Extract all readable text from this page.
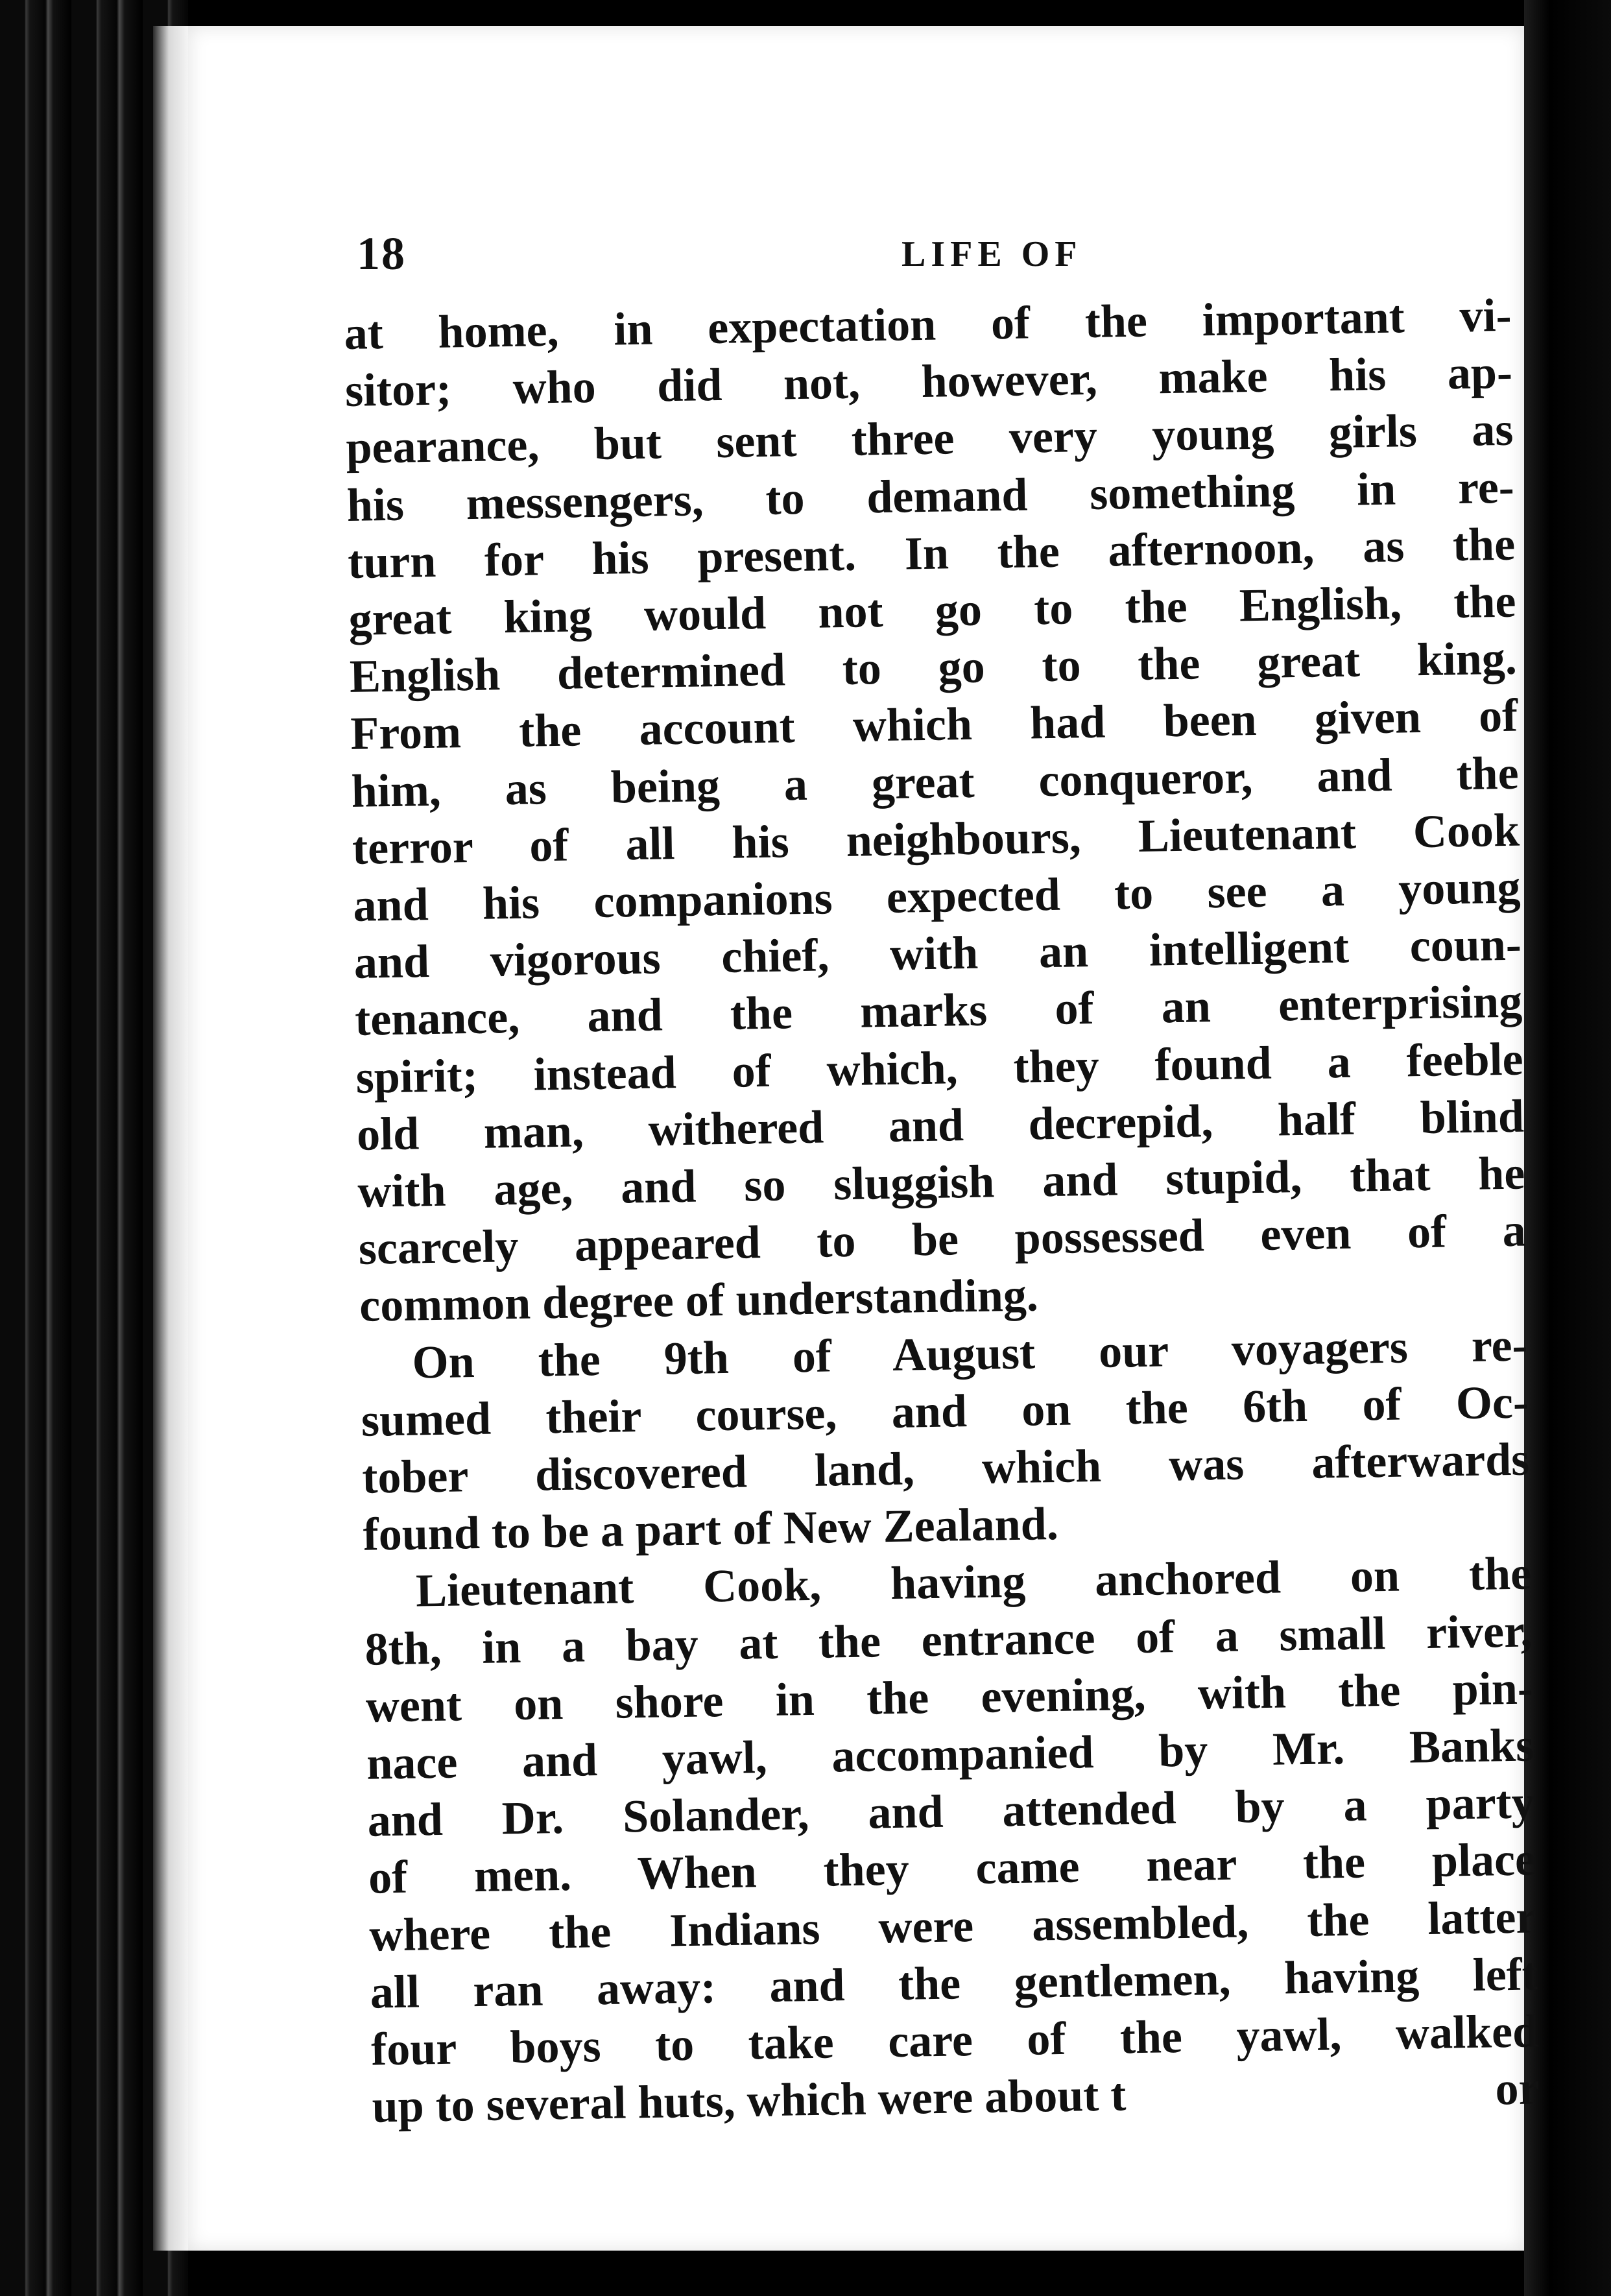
18	LIFE OF
at home, in expectation of the important vi-
sitor; who did not, however, make his ap-
pearance, but sent three very young girls as
his messengers, to demand something in re-
turn for his present. In the afternoon, as the
great king would not go to the English, the
English determined to go to the great king.
From the account which had been given of
him, as being a great conqueror, and the
terror of all his neighbours, Lieutenant Cook
and his companions expected to see a young
and vigorous chief, with an intelligent coun-
tenance, and the marks of an enterprising
spirit; instead of which, they found a feeble
old man, withered and decrepid, half blind
with age, and so sluggish and stupid, that he
scarcely appeared to be possessed even of a
common degree of understanding.
On the 9th of August our voyagers re-
sumed their course, and on the 6th of Oc-
tober discovered land, which was afterwards
found to be a part of New Zealand.
Lieutenant Cook, having anchored on the
8th, in a bay at the entrance of a small river,
went on shore in the evening, with the pin-
nace and yawl, accompanied by Mr. Banks
and Dr. Solander, and attended by a party
of men. When they came near the place
where the Indians were assembled, the latter
all ran away: and the gentlemen, having left
four boys to take care of the yawl, walked
up to several huts, which were about t	or
